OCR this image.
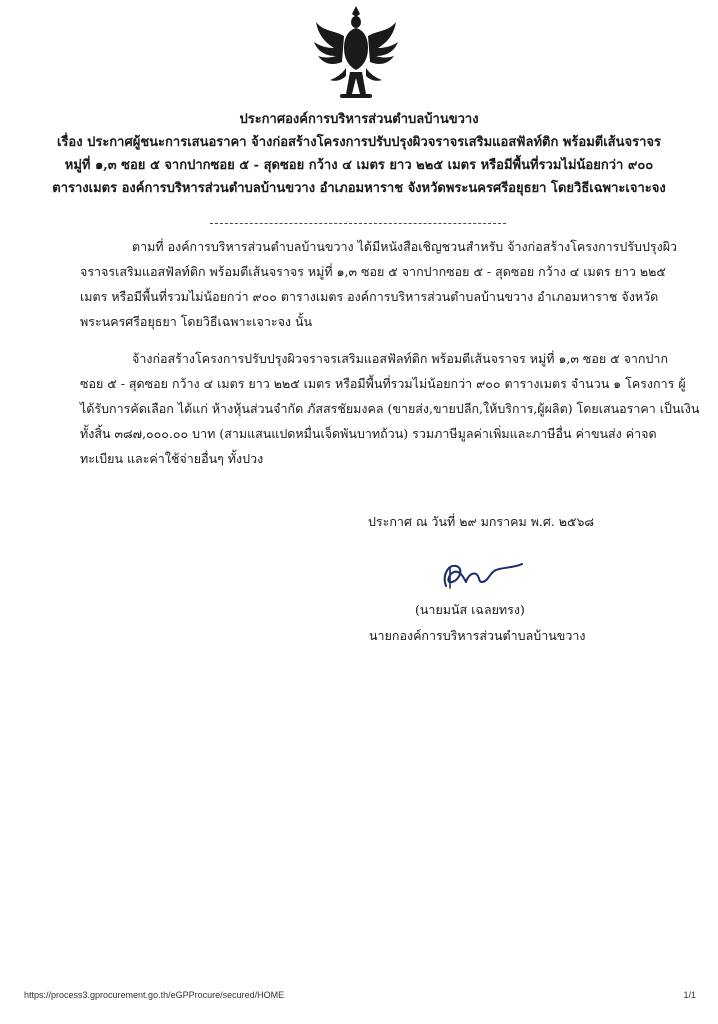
ประกาศองค์การบริหารส่วนตำบลบ้านขวาง
เรื่อง ประกาศผู้ชนะการเสนอราคา จ้างก่อสร้างโครงการปรับปรุงผิวจราจรเสริมแอสฟัลท์ติก พร้อมตีเส้นจราจร
หมู่ที่ ๑,๓ ซอย ๕ จากปากซอย ๕ - สุดซอย กว้าง ๔ เมตร ยาว ๒๒๕ เมตร หรือมีพื้นที่รวมไม่น้อยกว่า ๙๐๐
ตารางเมตร องค์การบริหารส่วนตำบลบ้านขวาง อำเภอมหาราช จังหวัดพระนครศรีอยุธยา โดยวิธีเฉพาะเจาะจง
ตามที่ องค์การบริหารส่วนตำบลบ้านขวาง ได้มีหนังสือเชิญชวนสำหรับ จ้างก่อสร้างโครงการปรับปรุงผิว
จราจรเสริมแอสฟัลท์ติก พร้อมตีเส้นจราจร หมู่ที่ ๑,๓ ซอย ๕ จากปากซอย ๕ - สุดซอย กว้าง ๔ เมตร ยาว ๒๒๕
เมตร หรือมีพื้นที่รวมไม่น้อยกว่า ๙๐๐ ตารางเมตร องค์การบริหารส่วนตำบลบ้านขวาง อำเภอมหาราช จังหวัด
พระนครศรีอยุธยา โดยวิธีเฉพาะเจาะจง นั้น
จ้างก่อสร้างโครงการปรับปรุงผิวจราจรเสริมแอสฟัลท์ติก พร้อมตีเส้นจราจร หมู่ที่ ๑,๓ ซอย ๕ จากปาก
ซอย ๕ - สุดซอย กว้าง ๔ เมตร ยาว ๒๒๕ เมตร หรือมีพื้นที่รวมไม่น้อยกว่า ๙๐๐ ตารางเมตร จำนวน ๑ โครงการ ผู้
ได้รับการคัดเลือก ได้แก่ ห้างหุ้นส่วนจำกัด ภัสสรชัยมงคล (ขายส่ง,ขายปลีก,ให้บริการ,ผู้ผลิต) โดยเสนอราคา เป็นเงิน
ทั้งสิ้น ๓๘๗,๐๐๐.๐๐ บาท (สามแสนแปดหมื่นเจ็ดพันบาทถ้วน) รวมภาษีมูลค่าเพิ่มและภาษีอื่น ค่าขนส่ง ค่าจด
ทะเบียน และค่าใช้จ่ายอื่นๆ ทั้งปวง
ประกาศ ณ วันที่ ๒๙ มกราคม พ.ศ. ๒๕๖๘
(นายมนัส เฉลยทรง)
นายกองค์การบริหารส่วนตำบลบ้านขวาง
https://process3.gprocurement.go.th/eGPProcure/secured/HOME	1/1
